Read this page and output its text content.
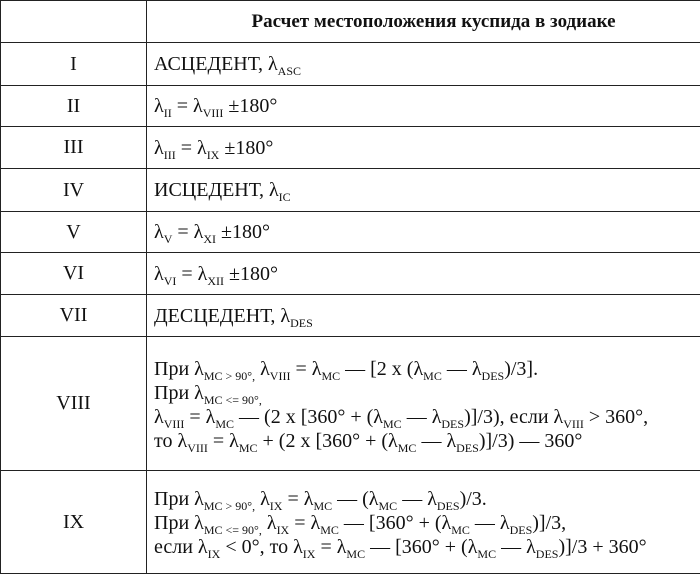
	Расчет местоположения куспида в зодиаке
I	АСЦЕДЕНТ, $\lambda_{ASC}$

II	$\lambda_{II} = \lambda_{VIII} \pm 180^\circ$

III	$\lambda_{III} = \lambda_{IX} \pm 180^\circ$

IV	ИСЦЕДЕНТ, $\lambda_{IC}$

V	$\lambda_V = \lambda_{XI} \pm 180^\circ$

VI	$\lambda_{VI} = \lambda_{XII} \pm 180^\circ$

VII	ДЕСЦЕДЕНТ, $\lambda_{DES}$

VIII	При $\lambda_{MC > 90^\circ,}$ $\lambda_{VIII} = \lambda_{MC}$ — [2 x ($\lambda_{MC}$ — $\lambda_{DES})/3$].
При $\lambda_{MC <= 90^\circ,}$
$\lambda_{VIII} = \lambda_{MC}$ — (2 x [$360^\circ + (\lambda_{MC}$ — $\lambda_{DES})]/3$), если $\lambda_{VIII} > 360^\circ$,
то $\lambda_{VIII} = \lambda_{MC} + (2$ x [$360^\circ + (\lambda_{MC}$ — $\lambda_{DES})]/3$) — 360°

IX	При $\lambda_{MC > 90^\circ,}$ $\lambda_{IX} = \lambda_{MC}$ — ($\lambda_{MC}$ — $\lambda_{DES})/3$.
При $\lambda_{MC <= 90^\circ,}$ $\lambda_{IX} = \lambda_{MC}$ — [$360^\circ + (\lambda_{MC}$ — $\lambda_{DES})]/3$,
если $\lambda_{IX} < 0^\circ$, то $\lambda_{IX} = \lambda_{MC}$ — [$360^\circ + (\lambda_{MC}$ — $\lambda_{DES})]/3 + 360^\circ$
